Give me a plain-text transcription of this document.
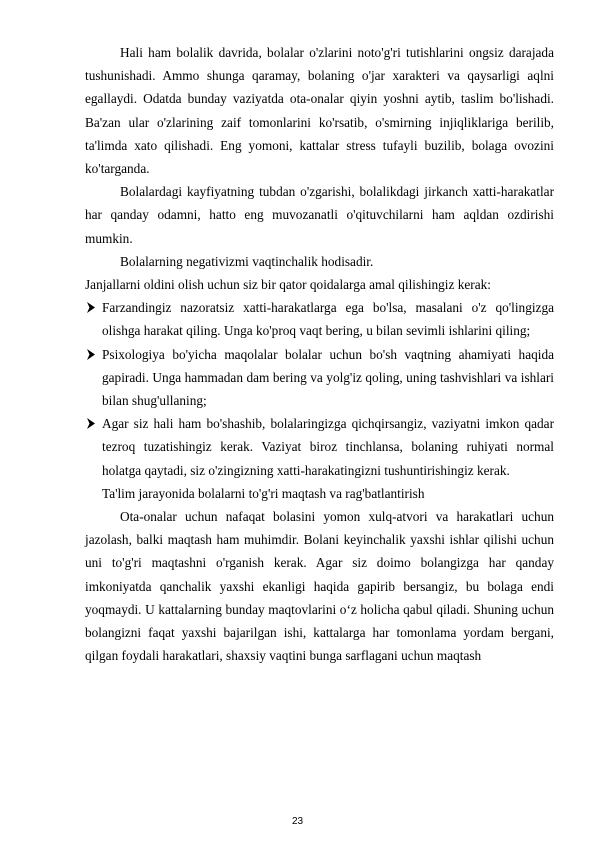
Hali ham bolalik davrida, bolalar o'zlarini noto'g'ri tutishlarini ongsiz darajada tushunishadi. Ammo shunga qaramay, bolaning o'jar xarakteri va qaysarligi aqlni egallaydi. Odatda bunday vaziyatda ota-onalar qiyin yoshni aytib, taslim bo'lishadi. Ba'zan ular o'zlarining zaif tomonlarini ko'rsatib, o'smirning injiqliklariga berilib, ta'limda xato qilishadi. Eng yomoni, kattalar stress tufayli buzilib, bolaga ovozini ko'targanda.

Bolalardagi kayfiyatning tubdan o'zgarishi, bolalikdagi jirkanch xatti-harakatlar har qanday odamni, hatto eng muvozanatli o'qituvchilarni ham aqldan ozdirishi mumkin.

Bolalarning negativizmi vaqtinchalik hodisadir.

Janjallarni oldini olish uchun siz bir qator qoidalarga amal qilishingiz kerak:

Farzandingiz nazoratsiz xatti-harakatlarga ega bo'lsa, masalani o'z qo'lingizga olishga harakat qiling. Unga ko'proq vaqt bering, u bilan sevimli ishlarini qiling;
Psixologiya bo'yicha maqolalar bolalar uchun bo'sh vaqtning ahamiyati haqida gapiradi. Unga hammadan dam bering va yolg'iz qoling, uning tashvishlari va ishlari bilan shug'ullaning;
Agar siz hali ham bo'shashib, bolalaringizga qichqirsangiz, vaziyatni imkon qadar tezroq tuzatishingiz kerak. Vaziyat biroz tinchlansa, bolaning ruhiyati normal holatga qaytadi, siz o'zingizning xatti-harakatingizni tushuntirishingiz kerak.

Ta'lim jarayonida bolalarni to'g'ri maqtash va rag'batlantirish

Ota-onalar uchun nafaqat bolasini yomon xulq-atvori va harakatlari uchun jazolash, balki maqtash ham muhimdir. Bolani keyinchalik yaxshi ishlar qilishi uchun uni to'g'ri maqtashni o'rganish kerak. Agar siz doimo bolangizga har qanday imkoniyatda qanchalik yaxshi ekanligi haqida gapirib bersangiz, bu bolaga endi yoqmaydi. U kattalarning bunday maqtovlarini o‘z holicha qabul qiladi. Shuning uchun bolangizni faqat yaxshi bajarilgan ishi, kattalarga har tomonlama yordam bergani, qilgan foydali harakatlari, shaxsiy vaqtini bunga sarflagani uchun maqtash

23
